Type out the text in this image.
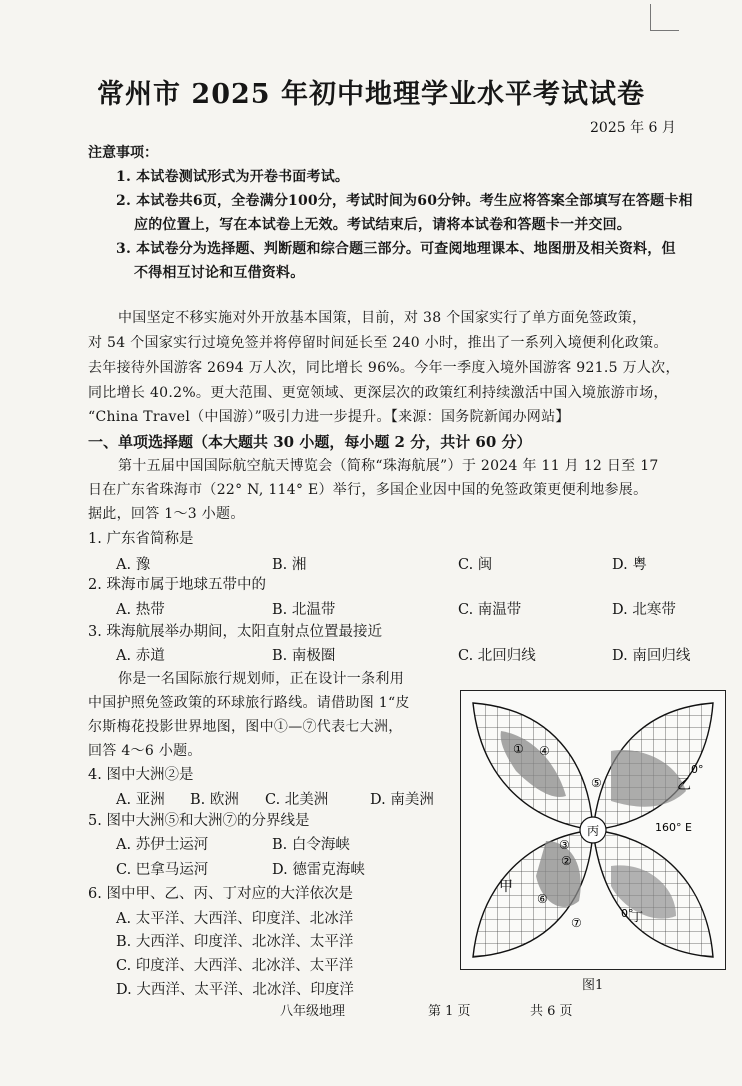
常州市 2025 年初中地理学业水平考试试卷
2025 年 6 月
注意事项：
1. 本试卷测试形式为开卷书面考试。
2. 本试卷共6页，全卷满分100分，考试时间为60分钟。考生应将答案全部填写在答题卡相
应的位置上，写在本试卷上无效。考试结束后，请将本试卷和答题卡一并交回。
3. 本试卷分为选择题、判断题和综合题三部分。可查阅地理课本、地图册及相关资料，但
不得相互讨论和互借资料。
中国坚定不移实施对外开放基本国策，目前，对 38 个国家实行了单方面免签政策，
对 54 个国家实行过境免签并将停留时间延长至 240 小时，推出了一系列入境便利化政策。
去年接待外国游客 2694 万人次，同比增长 96%。今年一季度入境外国游客 921.5 万人次，
同比增长 40.2%。更大范围、更宽领域、更深层次的政策红利持续激活中国入境旅游市场，
“China Travel（中国游）”吸引力进一步提升。【来源：国务院新闻办网站】
一、单项选择题（本大题共 30 小题，每小题 2 分，共计 60 分）
第十五届中国国际航空航天博览会（简称“珠海航展”）于 2024 年 11 月 12 日至 17
日在广东省珠海市（22° N, 114° E）举行，多国企业因中国的免签政策更便利地参展。
据此，回答 1～3 小题。
1. 广东省简称是
A. 豫	B. 湘	C. 闽	D. 粤
2. 珠海市属于地球五带中的
A. 热带	B. 北温带	C. 南温带	D. 北寒带
3. 珠海航展举办期间，太阳直射点位置最接近
A. 赤道	B. 南极圈	C. 北回归线	D. 南回归线
你是一名国际旅行规划师，正在设计一条利用
中国护照免签政策的环球旅行路线。请借助图 1“皮
尔斯梅花投影世界地图，图中①—⑦代表七大洲，
回答 4～6 小题。
4. 图中大洲②是
A. 亚洲 B. 欧洲 C. 北美洲	D. 南美洲
5. 图中大洲⑤和大洲⑦的分界线是
A. 苏伊士运河	B. 白令海峡
C. 巴拿马运河	D. 德雷克海峡
6. 图中甲、乙、丙、丁对应的大洋依次是
A. 太平洋、大西洋、印度洋、北冰洋
B. 大西洋、印度洋、北冰洋、太平洋
C. 印度洋、大西洋、北冰洋、太平洋
D. 大西洋、太平洋、北冰洋、印度洋
丙
乙
甲
丁
0°
160° E
0°
①
②
③
④
⑤
⑥
⑦
图1
八年级地理	第 1 页	共 6 页
